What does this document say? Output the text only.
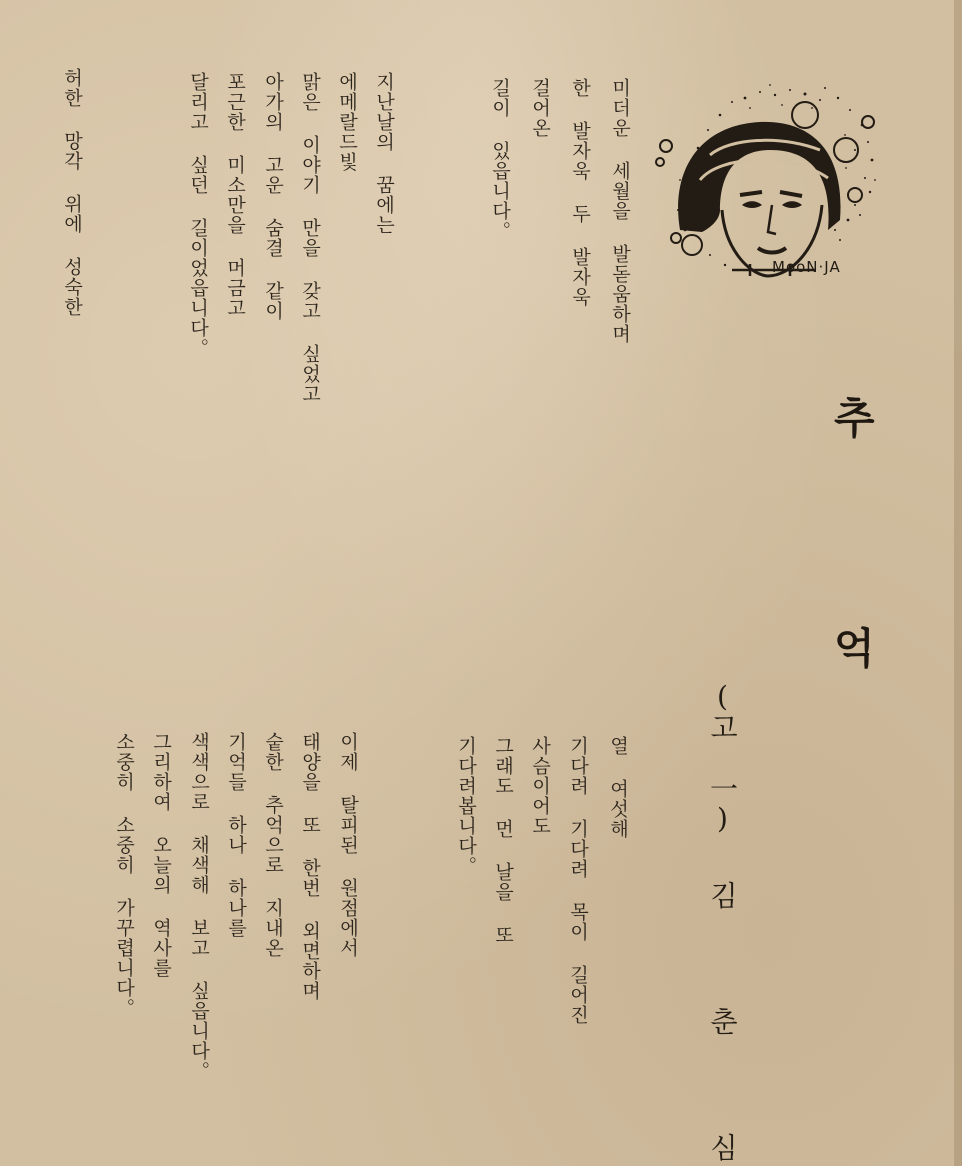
MooN·JA
추
억
(고 一)김춘심
미더운 세월을 발돋움하며
한 발자욱 두 발자욱
걸어온
길이 있읍니다。
지난날의 꿈에는
에메랄드빛
맑은 이야기 만을 갖고 싶었고
아가의 고운 숨결 같이
포근한 미소만을 머금고
달리고 싶던 길이었읍니다。
허한 망각 위에 성숙한
열 여섯해
기다려 기다려 목이 길어진
사슴이어도
그래도 먼 날을 또
기다려봅니다。
이제 탈피된 원점에서
태양을 또 한번 외면하며
숱한 추억으로 지내온
기억들 하나 하나를
색색으로 채색해 보고 싶읍니다。
그리하여 오늘의 역사를
소중히 소중히 가꾸렵니다。
